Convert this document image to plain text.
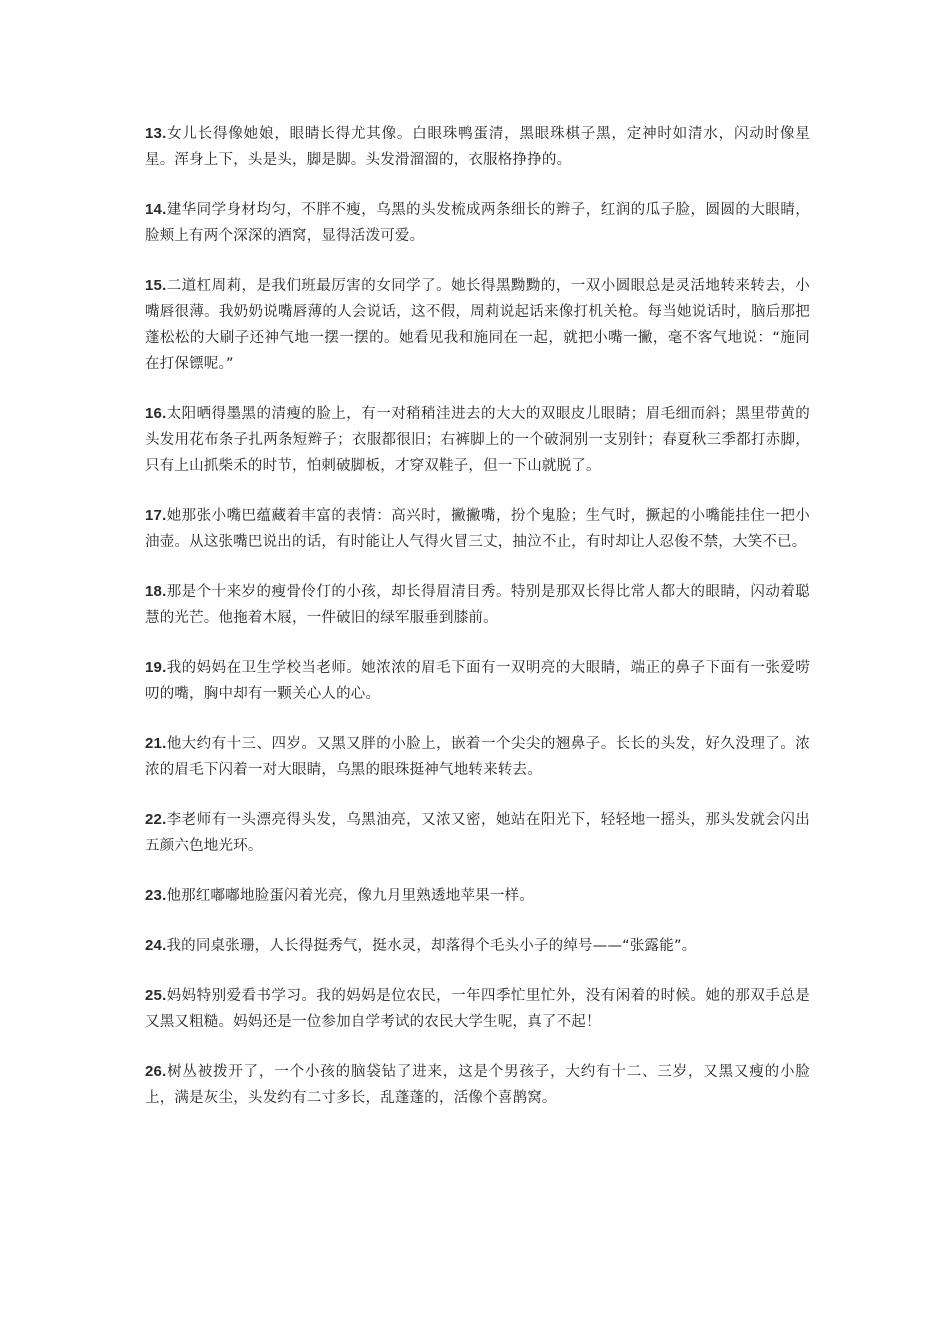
13.女儿长得像她娘，眼睛长得尤其像。白眼珠鸭蛋清，黑眼珠棋子黑，定神时如清水，闪动时像星星。浑身上下，头是头，脚是脚。头发滑溜溜的，衣服格挣挣的。

14.建华同学身材均匀，不胖不瘦，乌黑的头发梳成两条细长的辫子，红润的瓜子脸，圆圆的大眼睛，脸颊上有两个深深的酒窝，显得活泼可爱。

15.二道杠周莉，是我们班最厉害的女同学了。她长得黑黝黝的，一双小圆眼总是灵活地转来转去，小嘴唇很薄。我奶奶说嘴唇薄的人会说话，这不假，周莉说起话来像打机关枪。每当她说话时，脑后那把蓬松松的大刷子还神气地一摆一摆的。她看见我和施同在一起，就把小嘴一撇，毫不客气地说：“施同在打保镖呢。”

16.太阳晒得墨黑的清瘦的脸上，有一对稍稍洼进去的大大的双眼皮儿眼睛；眉毛细而斜；黑里带黄的头发用花布条子扎两条短辫子；衣服都很旧；右裤脚上的一个破洞别一支别针；春夏秋三季都打赤脚，只有上山抓柴禾的时节，怕刺破脚板，才穿双鞋子，但一下山就脱了。

17.她那张小嘴巴蕴藏着丰富的表情：高兴时，撇撇嘴，扮个鬼脸；生气时，撅起的小嘴能挂住一把小油壶。从这张嘴巴说出的话，有时能让人气得火冒三丈，抽泣不止，有时却让人忍俊不禁，大笑不已。

18.那是个十来岁的瘦骨伶仃的小孩，却长得眉清目秀。特别是那双长得比常人都大的眼睛，闪动着聪慧的光芒。他拖着木屐，一件破旧的绿军服垂到膝前。

19.我的妈妈在卫生学校当老师。她浓浓的眉毛下面有一双明亮的大眼睛，端正的鼻子下面有一张爱唠叨的嘴，胸中却有一颗关心人的心。

21.他大约有十三、四岁。又黑又胖的小脸上，嵌着一个尖尖的翘鼻子。长长的头发，好久没理了。浓浓的眉毛下闪着一对大眼睛，乌黑的眼珠挺神气地转来转去。

22.李老师有一头漂亮得头发，乌黑油亮，又浓又密，她站在阳光下，轻轻地一摇头，那头发就会闪出五颜六色地光环。

23.他那红嘟嘟地脸蛋闪着光亮，像九月里熟透地苹果一样。

24.我的同桌张珊，人长得挺秀气，挺水灵，却落得个毛头小子的绰号——“张露能”。

25.妈妈特别爱看书学习。我的妈妈是位农民，一年四季忙里忙外，没有闲着的时候。她的那双手总是又黑又粗糙。妈妈还是一位参加自学考试的农民大学生呢，真了不起！

26.树丛被拨开了，一个小孩的脑袋钻了进来，这是个男孩子，大约有十二、三岁，又黑又瘦的小脸上，满是灰尘，头发约有二寸多长，乱蓬蓬的，活像个喜鹊窝。
